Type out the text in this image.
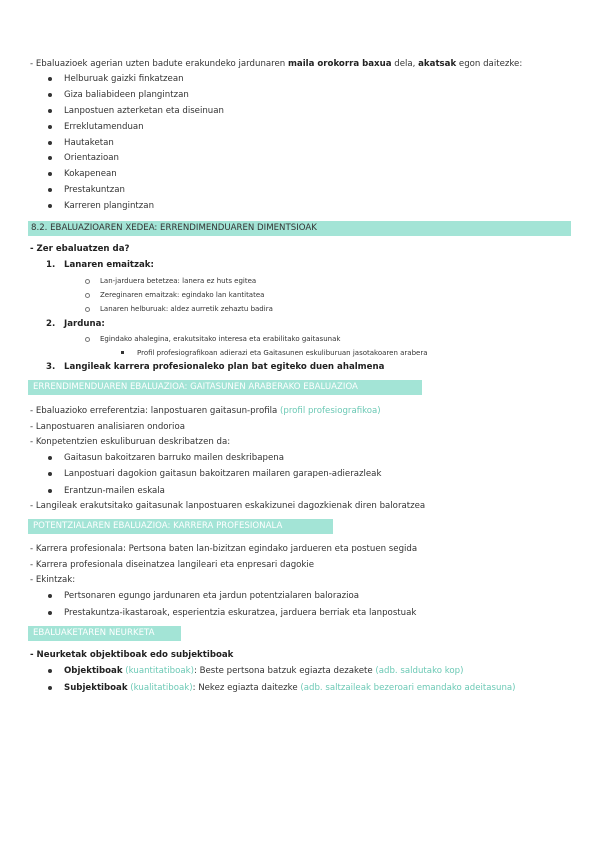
- Ebaluazioek agerian uzten badute erakundeko jardunaren maila orokorra baxua dela, akatsak egon daitezke:
Helburuak gaizki finkatzean
Giza baliabideen plangintzan
Lanpostuen azterketan eta diseinuan
Erreklutamenduan
Hautaketan
Orientazioan
Kokapenean
Prestakuntzan
Karreren plangintzan
8.2. EBALUAZIOAREN XEDEA: ERRENDIMENDUAREN DIMENTSIOAK
- Zer ebaluatzen da?
1. Lanaren emaitzak:
Lan-jarduera betetzea: lanera ez huts egitea
Zereginaren emaitzak: egindako lan kantitatea
Lanaren helburuak: aldez aurretik zehaztu badira
2. Jarduna:
Egindako ahalegina, erakutsitako interesa eta erabilitako gaitasunak
Profil profesiografikoan adierazi eta Gaitasunen eskuliburuan jasotakoaren arabera
3. Langileak karrera profesionaleko plan bat egiteko duen ahalmena
ERRENDIMENDUAREN EBALUAZIOA: GAITASUNEN ARABERAKO EBALUAZIOA
- Ebaluazioko erreferentzia: lanpostuaren gaitasun-profila (profil profesiografikoa)
- Lanpostuaren analisiaren ondorioa
- Konpetentzien eskuliburuan deskribatzen da:
Gaitasun bakoitzaren barruko mailen deskribapena
Lanpostuari dagokion gaitasun bakoitzaren mailaren garapen-adierazleak
Erantzun-mailen eskala
- Langileak erakutsitako gaitasunak lanpostuaren eskakizunei dagozkienak diren baloratzea
POTENTZIALAREN EBALUAZIOA: KARRERA PROFESIONALA
- Karrera profesionala: Pertsona baten lan-bizitzan egindako jardueren eta postuen segida
- Karrera profesionala diseinatzea langileari eta enpresari dagokie
- Ekintzak:
Pertsonaren egungo jardunaren eta jardun potentzialaren balorazioa
Prestakuntza-ikastaroak, esperientzia eskuratzea, jarduera berriak eta lanpostuak
EBALUAKETAREN NEURKETA
- Neurketak objektiboak edo subjektiboak
Objektiboak (kuantitatiboak): Beste pertsona batzuk egiazta dezakete (adb. saldutako kop)
Subjektiboak (kualitatiboak): Nekez egiazta daitezke (adb. saltzaileak bezeroari emandako adeitasuna)
